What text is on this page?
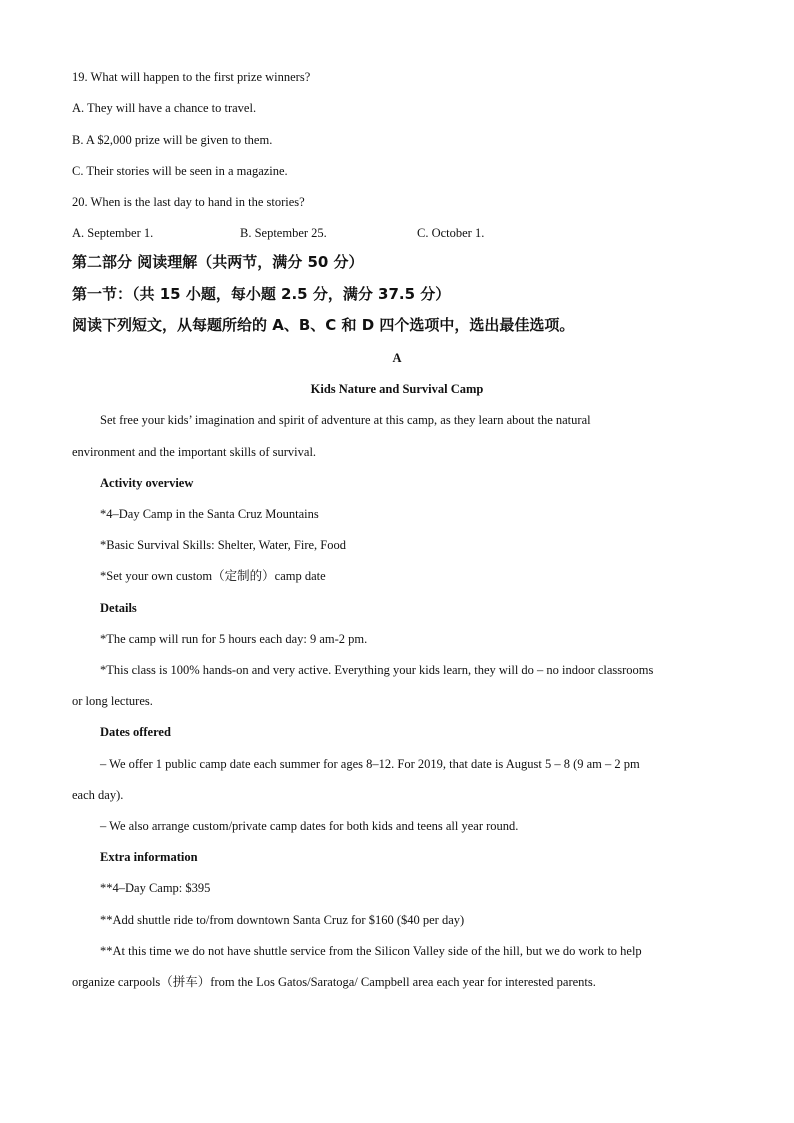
19. What will happen to the first prize winners?
A. They will have a chance to travel.
B. A $2,000 prize will be given to them.
C. Their stories will be seen in a magazine.
20. When is the last day to hand in the stories?
A. September 1.	B. September 25.	C. October 1.
第二部分 阅读理解（共两节，满分 50 分）
第一节：（共 15 小题，每小题 2.5 分，满分 37.5 分）
阅读下列短文，从每题所给的 A、B、C 和 D 四个选项中，选出最佳选项。
A
Kids Nature and Survival Camp
Set free your kids’ imagination and spirit of adventure at this camp, as they learn about the natural
environment and the important skills of survival.
Activity overview
*4–Day Camp in the Santa Cruz Mountains
*Basic Survival Skills: Shelter, Water, Fire, Food
*Set your own custom（定制的）camp date
Details
*The camp will run for 5 hours each day: 9 am-2 pm.
*This class is 100% hands-on and very active. Everything your kids learn, they will do – no indoor classrooms
or long lectures.
Dates offered
– We offer 1 public camp date each summer for ages 8–12. For 2019, that date is August 5 – 8 (9 am – 2 pm
each day).
– We also arrange custom/private camp dates for both kids and teens all year round.
Extra information
**4–Day Camp: $395
**Add shuttle ride to/from downtown Santa Cruz for $160 ($40 per day)
**At this time we do not have shuttle service from the Silicon Valley side of the hill, but we do work to help
organize carpools（拼车）from the Los Gatos/Saratoga/ Campbell area each year for interested parents.
